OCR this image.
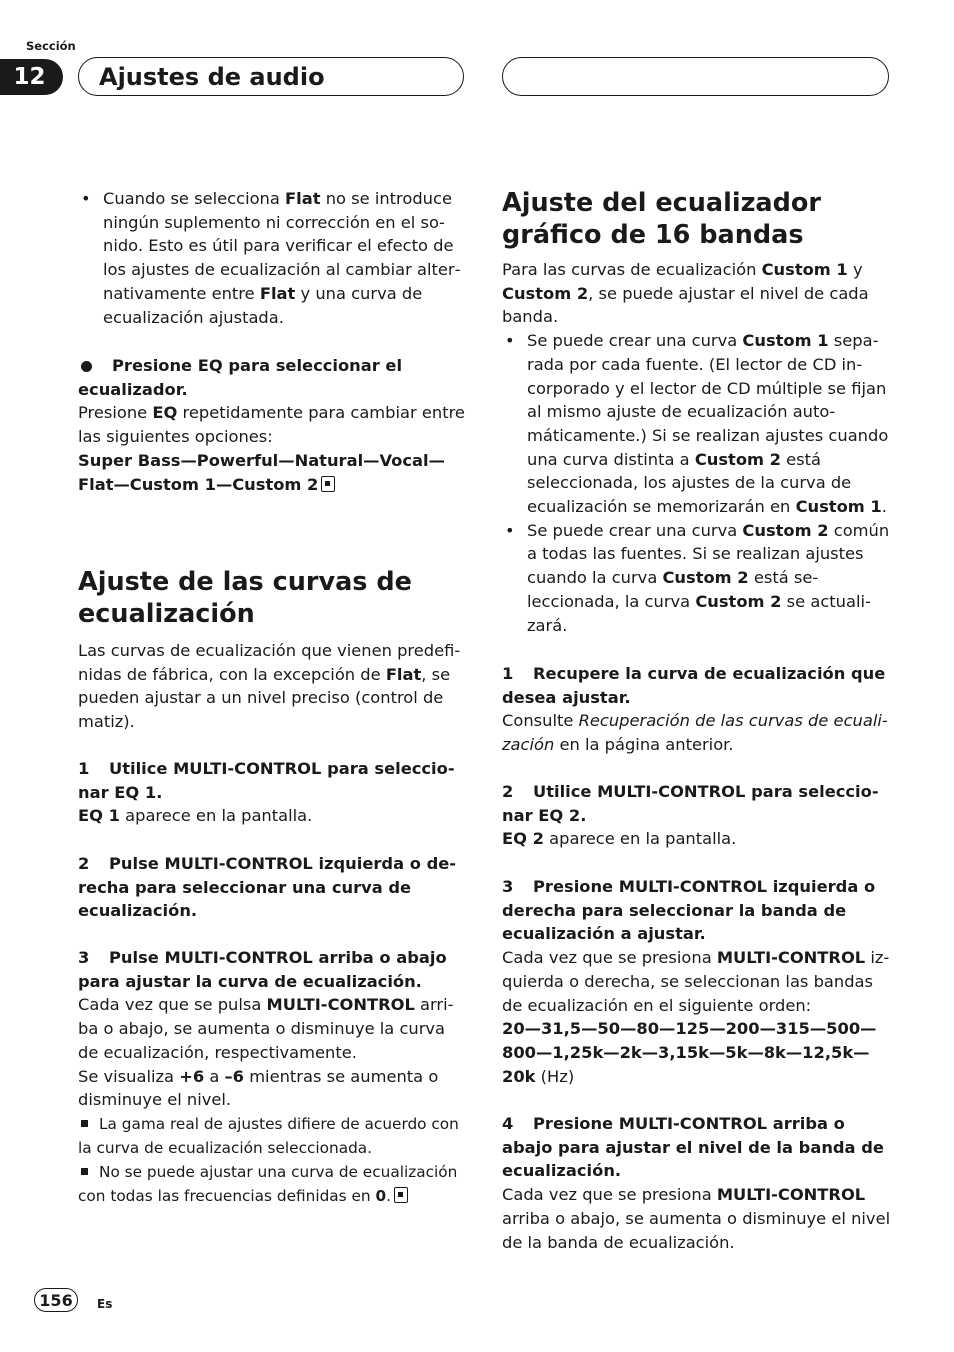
Sección
12	Ajustes de audio
• Cuando se selecciona Flat no se introduce ningún suplemento ni corrección en el sonido. Esto es útil para verificar el efecto de los ajustes de ecualización al cambiar alternativamente entre Flat y una curva de ecualización ajustada.

Presione EQ para seleccionar el ecualizador.

Presione EQ repetidamente para cambiar entre las siguientes opciones:

Super Bass—Powerful—Natural—Vocal—
Flat—Custom 1—Custom 2

Ajuste de las curvas de ecualización

Las curvas de ecualización que vienen predefinidas de fábrica, con la excepción de Flat, se pueden ajustar a un nivel preciso (control de matiz).

1 Utilice MULTI-CONTROL para seleccionar EQ 1.

EQ 1 aparece en la pantalla.

2 Pulse MULTI-CONTROL izquierda o derecha para seleccionar una curva de ecualización.

3 Pulse MULTI-CONTROL arriba o abajo para ajustar la curva de ecualización.

Cada vez que se pulsa MULTI-CONTROL arriba o abajo, se aumenta o disminuye la curva de ecualización, respectivamente.

Se visualiza +6 a –6 mientras se aumenta o disminuye el nivel.

La gama real de ajustes difiere de acuerdo con la curva de ecualización seleccionada.

No se puede ajustar una curva de ecualización con todas las frecuencias definidas en 0.

Ajuste del ecualizador gráfico de 16 bandas

Para las curvas de ecualización Custom 1 y Custom 2, se puede ajustar el nivel de cada banda.

• Se puede crear una curva Custom 1 separada por cada fuente. (El lector de CD incorporado y el lector de CD múltiple se fijan al mismo ajuste de ecualización automáticamente.) Si se realizan ajustes cuando una curva distinta a Custom 2 está seleccionada, los ajustes de la curva de ecualización se memorizarán en Custom 1.
• Se puede crear una curva Custom 2 común a todas las fuentes. Si se realizan ajustes cuando la curva Custom 2 está seleccionada, la curva Custom 2 se actualizará.

1 Recupere la curva de ecualización que desea ajustar.

Consulte Recuperación de las curvas de ecualización en la página anterior.

2 Utilice MULTI-CONTROL para seleccionar EQ 2.

EQ 2 aparece en la pantalla.

3 Presione MULTI-CONTROL izquierda o derecha para seleccionar la banda de ecualización a ajustar.

Cada vez que se presiona MULTI-CONTROL izquierda o derecha, se seleccionan las bandas de ecualización en el siguiente orden:

20—31,5—50—80—125—200—315—500—
800—1,25k—2k—3,15k—5k—8k—12,5k—
20k (Hz)

4 Presione MULTI-CONTROL arriba o abajo para ajustar el nivel de la banda de ecualización.

Cada vez que se presiona MULTI-CONTROL arriba o abajo, se aumenta o disminuye el nivel de la banda de ecualización.

156	Es
